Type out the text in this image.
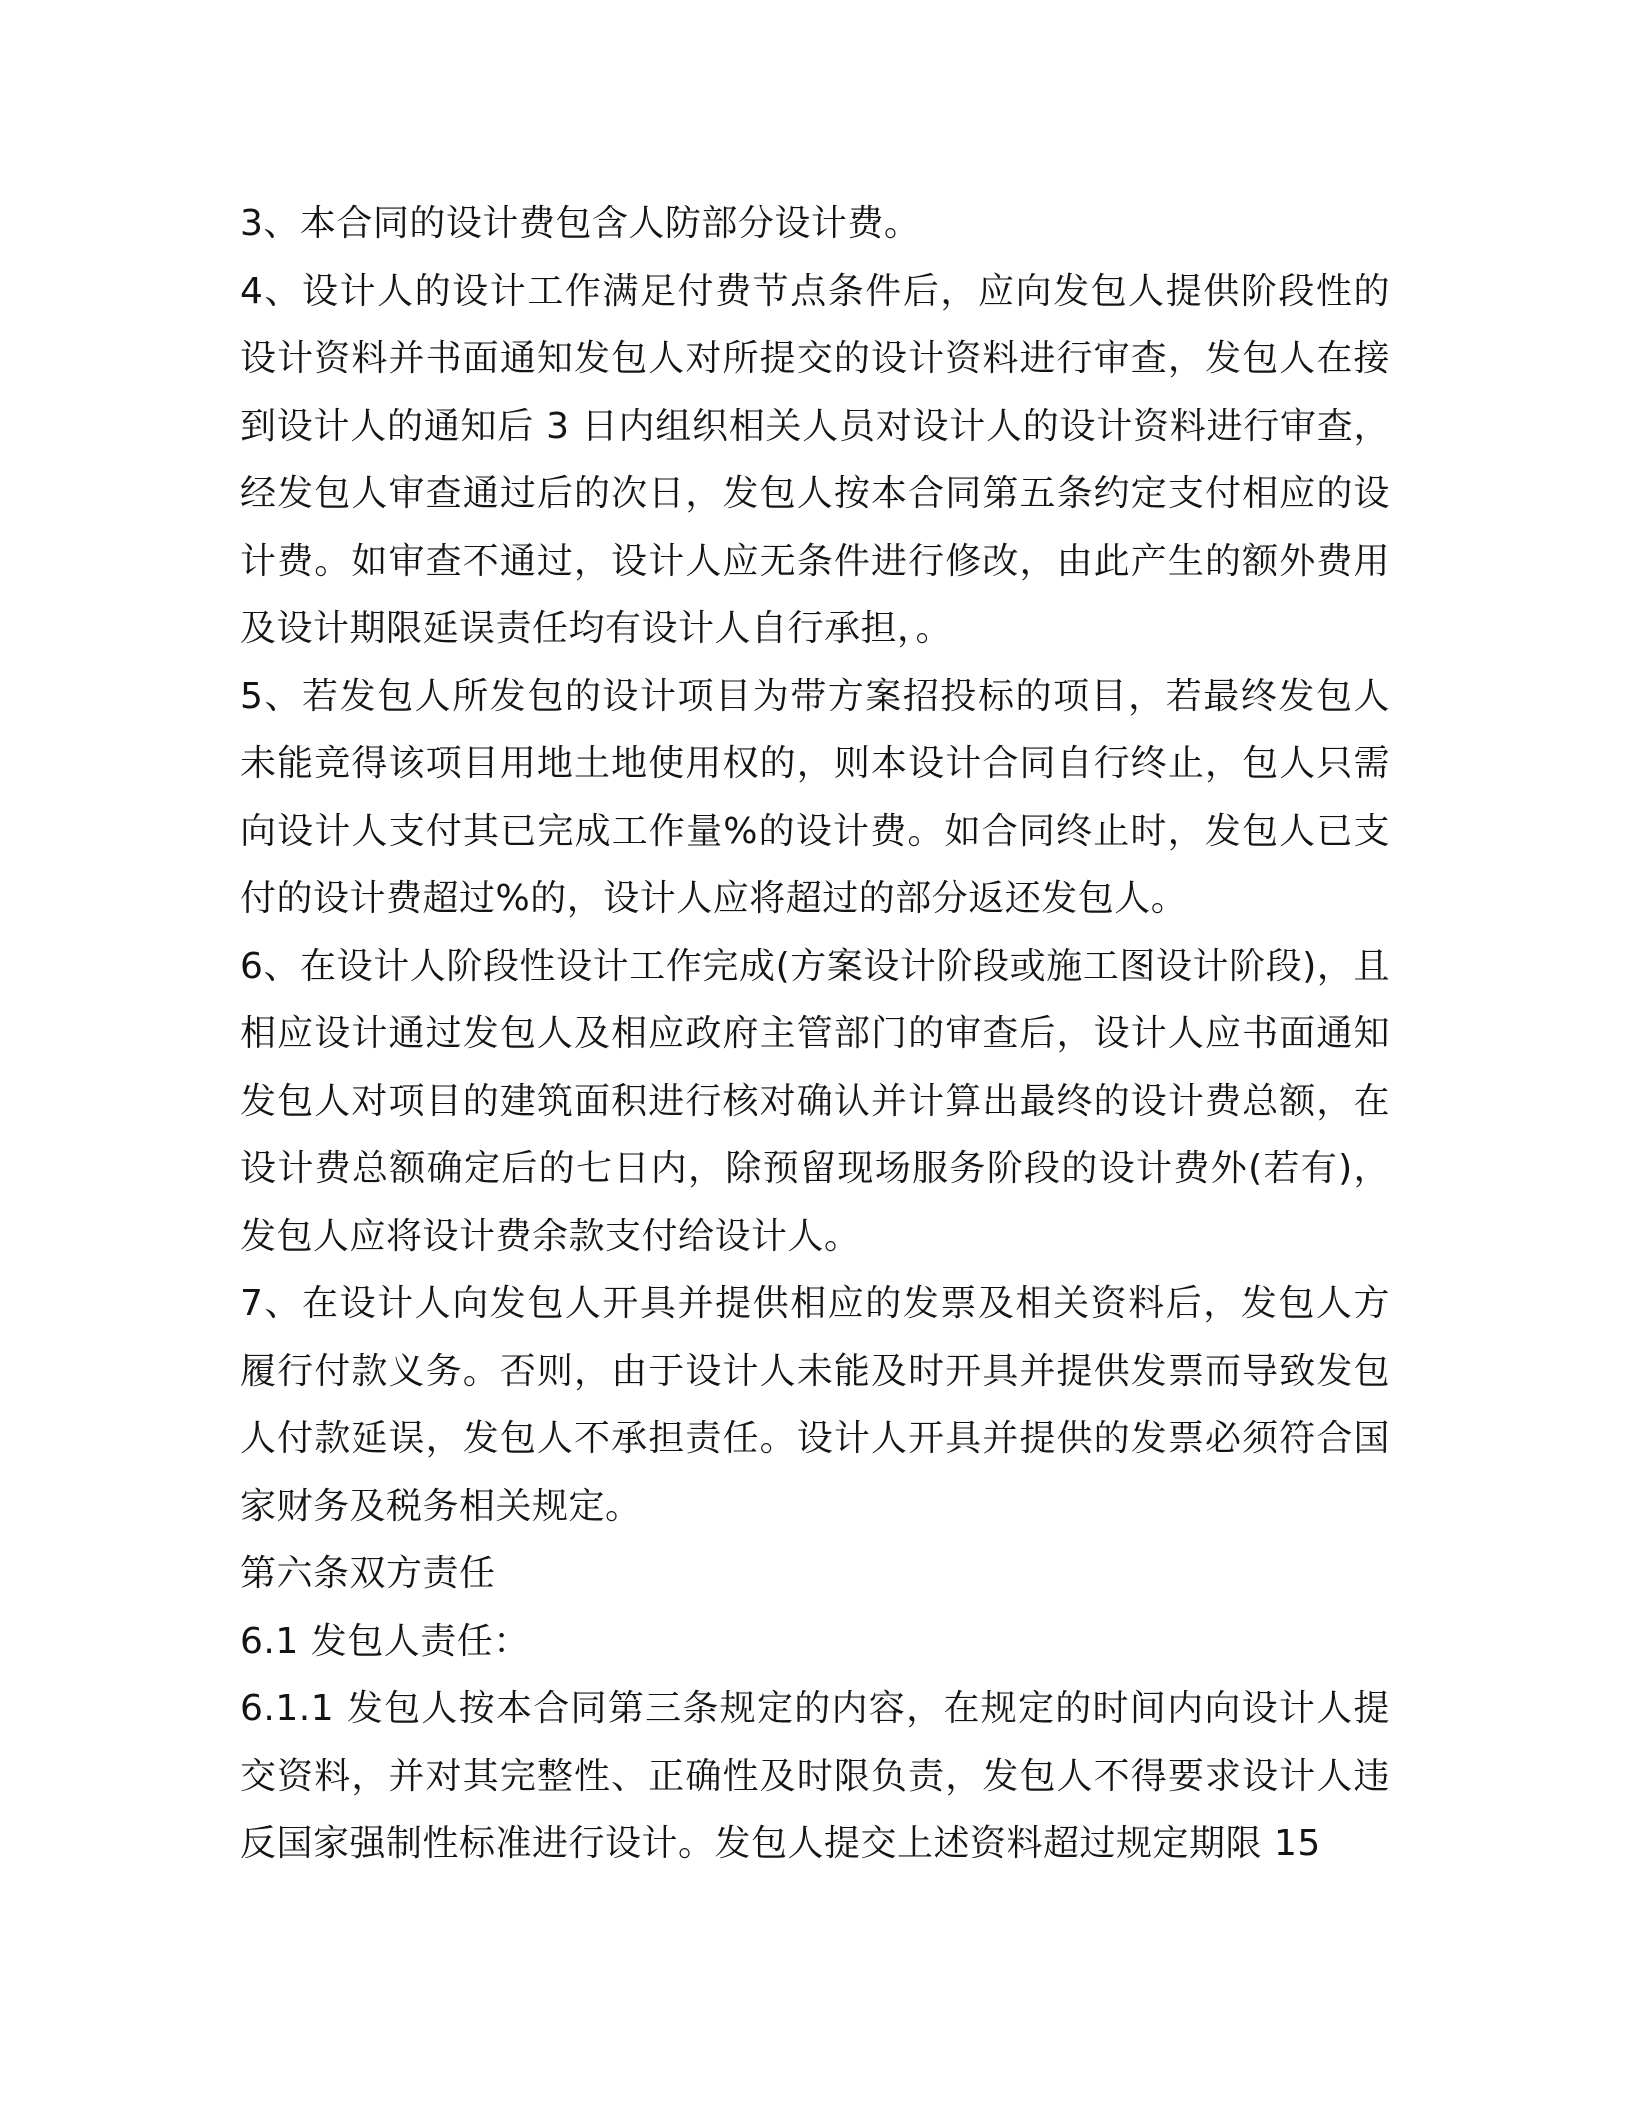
3、本合同的设计费包含人防部分设计费。

4、设计人的设计工作满足付费节点条件后，应向发包人提供阶段性的设计资料并书面通知发包人对所提交的设计资料进行审查，发包人在接到设计人的通知后 3 日内组织相关人员对设计人的设计资料进行审查，经发包人审查通过后的次日，发包人按本合同第五条约定支付相应的设计费。如审查不通过，设计人应无条件进行修改，由此产生的额外费用及设计期限延误责任均有设计人自行承担，。

5、若发包人所发包的设计项目为带方案招投标的项目，若最终发包人未能竞得该项目用地土地使用权的，则本设计合同自行终止，包人只需向设计人支付其已完成工作量%的设计费。如合同终止时，发包人已支付的设计费超过%的，设计人应将超过的部分返还发包人。

6、在设计人阶段性设计工作完成(方案设计阶段或施工图设计阶段)，且相应设计通过发包人及相应政府主管部门的审查后，设计人应书面通知发包人对项目的建筑面积进行核对确认并计算出最终的设计费总额，在设计费总额确定后的七日内，除预留现场服务阶段的设计费外(若有)，发包人应将设计费余款支付给设计人。

7、在设计人向发包人开具并提供相应的发票及相关资料后，发包人方履行付款义务。否则，由于设计人未能及时开具并提供发票而导致发包人付款延误，发包人不承担责任。设计人开具并提供的发票必须符合国家财务及税务相关规定。

第六条双方责任

6.1 发包人责任：

6.1.1 发包人按本合同第三条规定的内容，在规定的时间内向设计人提交资料，并对其完整性、正确性及时限负责，发包人不得要求设计人违反国家强制性标准进行设计。发包人提交上述资料超过规定期限 15
